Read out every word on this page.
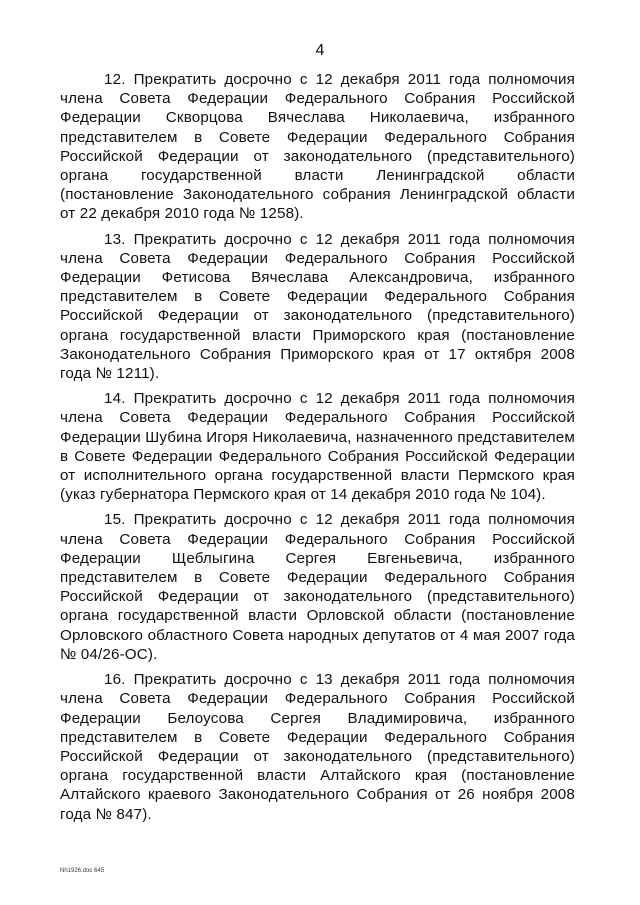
4

12. Прекратить досрочно с 12 декабря 2011 года полномочия члена Совета Федерации Федерального Собрания Российской Федерации Скворцова Вячеслава Николаевича, избранного представителем в Совете Федерации Федерального Собрания Российской Федерации от законодательного (представительного) органа государственной власти Ленинградской области (постановление Законодательного собрания Ленинградской области от 22 декабря 2010 года № 1258).

13. Прекратить досрочно с 12 декабря 2011 года полномочия члена Совета Федерации Федерального Собрания Российской Федерации Фетисова Вячеслава Александровича, избранного представителем в Совете Федерации Федерального Собрания Российской Федерации от законодательного (представительного) органа государственной власти Приморского края (постановление Законодательного Собрания Приморского края от 17 октября 2008 года № 1211).

14. Прекратить досрочно с 12 декабря 2011 года полномочия члена Совета Федерации Федерального Собрания Российской Федерации Шубина Игоря Николаевича, назначенного представителем в Совете Федерации Федерального Собрания Российской Федерации от исполнительного органа государственной власти Пермского края (указ губернатора Пермского края от 14 декабря 2010 года № 104).

15. Прекратить досрочно с 12 декабря 2011 года полномочия члена Совета Федерации Федерального Собрания Российской Федерации Щеблыгина Сергея Евгеньевича, избранного представителем в Совете Федерации Федерального Собрания Российской Федерации от законодательного (представительного) органа государственной власти Орловской области (постановление Орловского областного Совета народных депутатов от 4 мая 2007 года № 04/26-ОС).

16. Прекратить досрочно с 13 декабря 2011 года полномочия члена Совета Федерации Федерального Собрания Российской Федерации Белоусова Сергея Владимировича, избранного представителем в Совете Федерации Федерального Собрания Российской Федерации от законодательного (представительного) органа государственной власти Алтайского края (постановление Алтайского краевого Законодательного Собрания от 26 ноября 2008 года № 847).

Nh1926.doc 645
